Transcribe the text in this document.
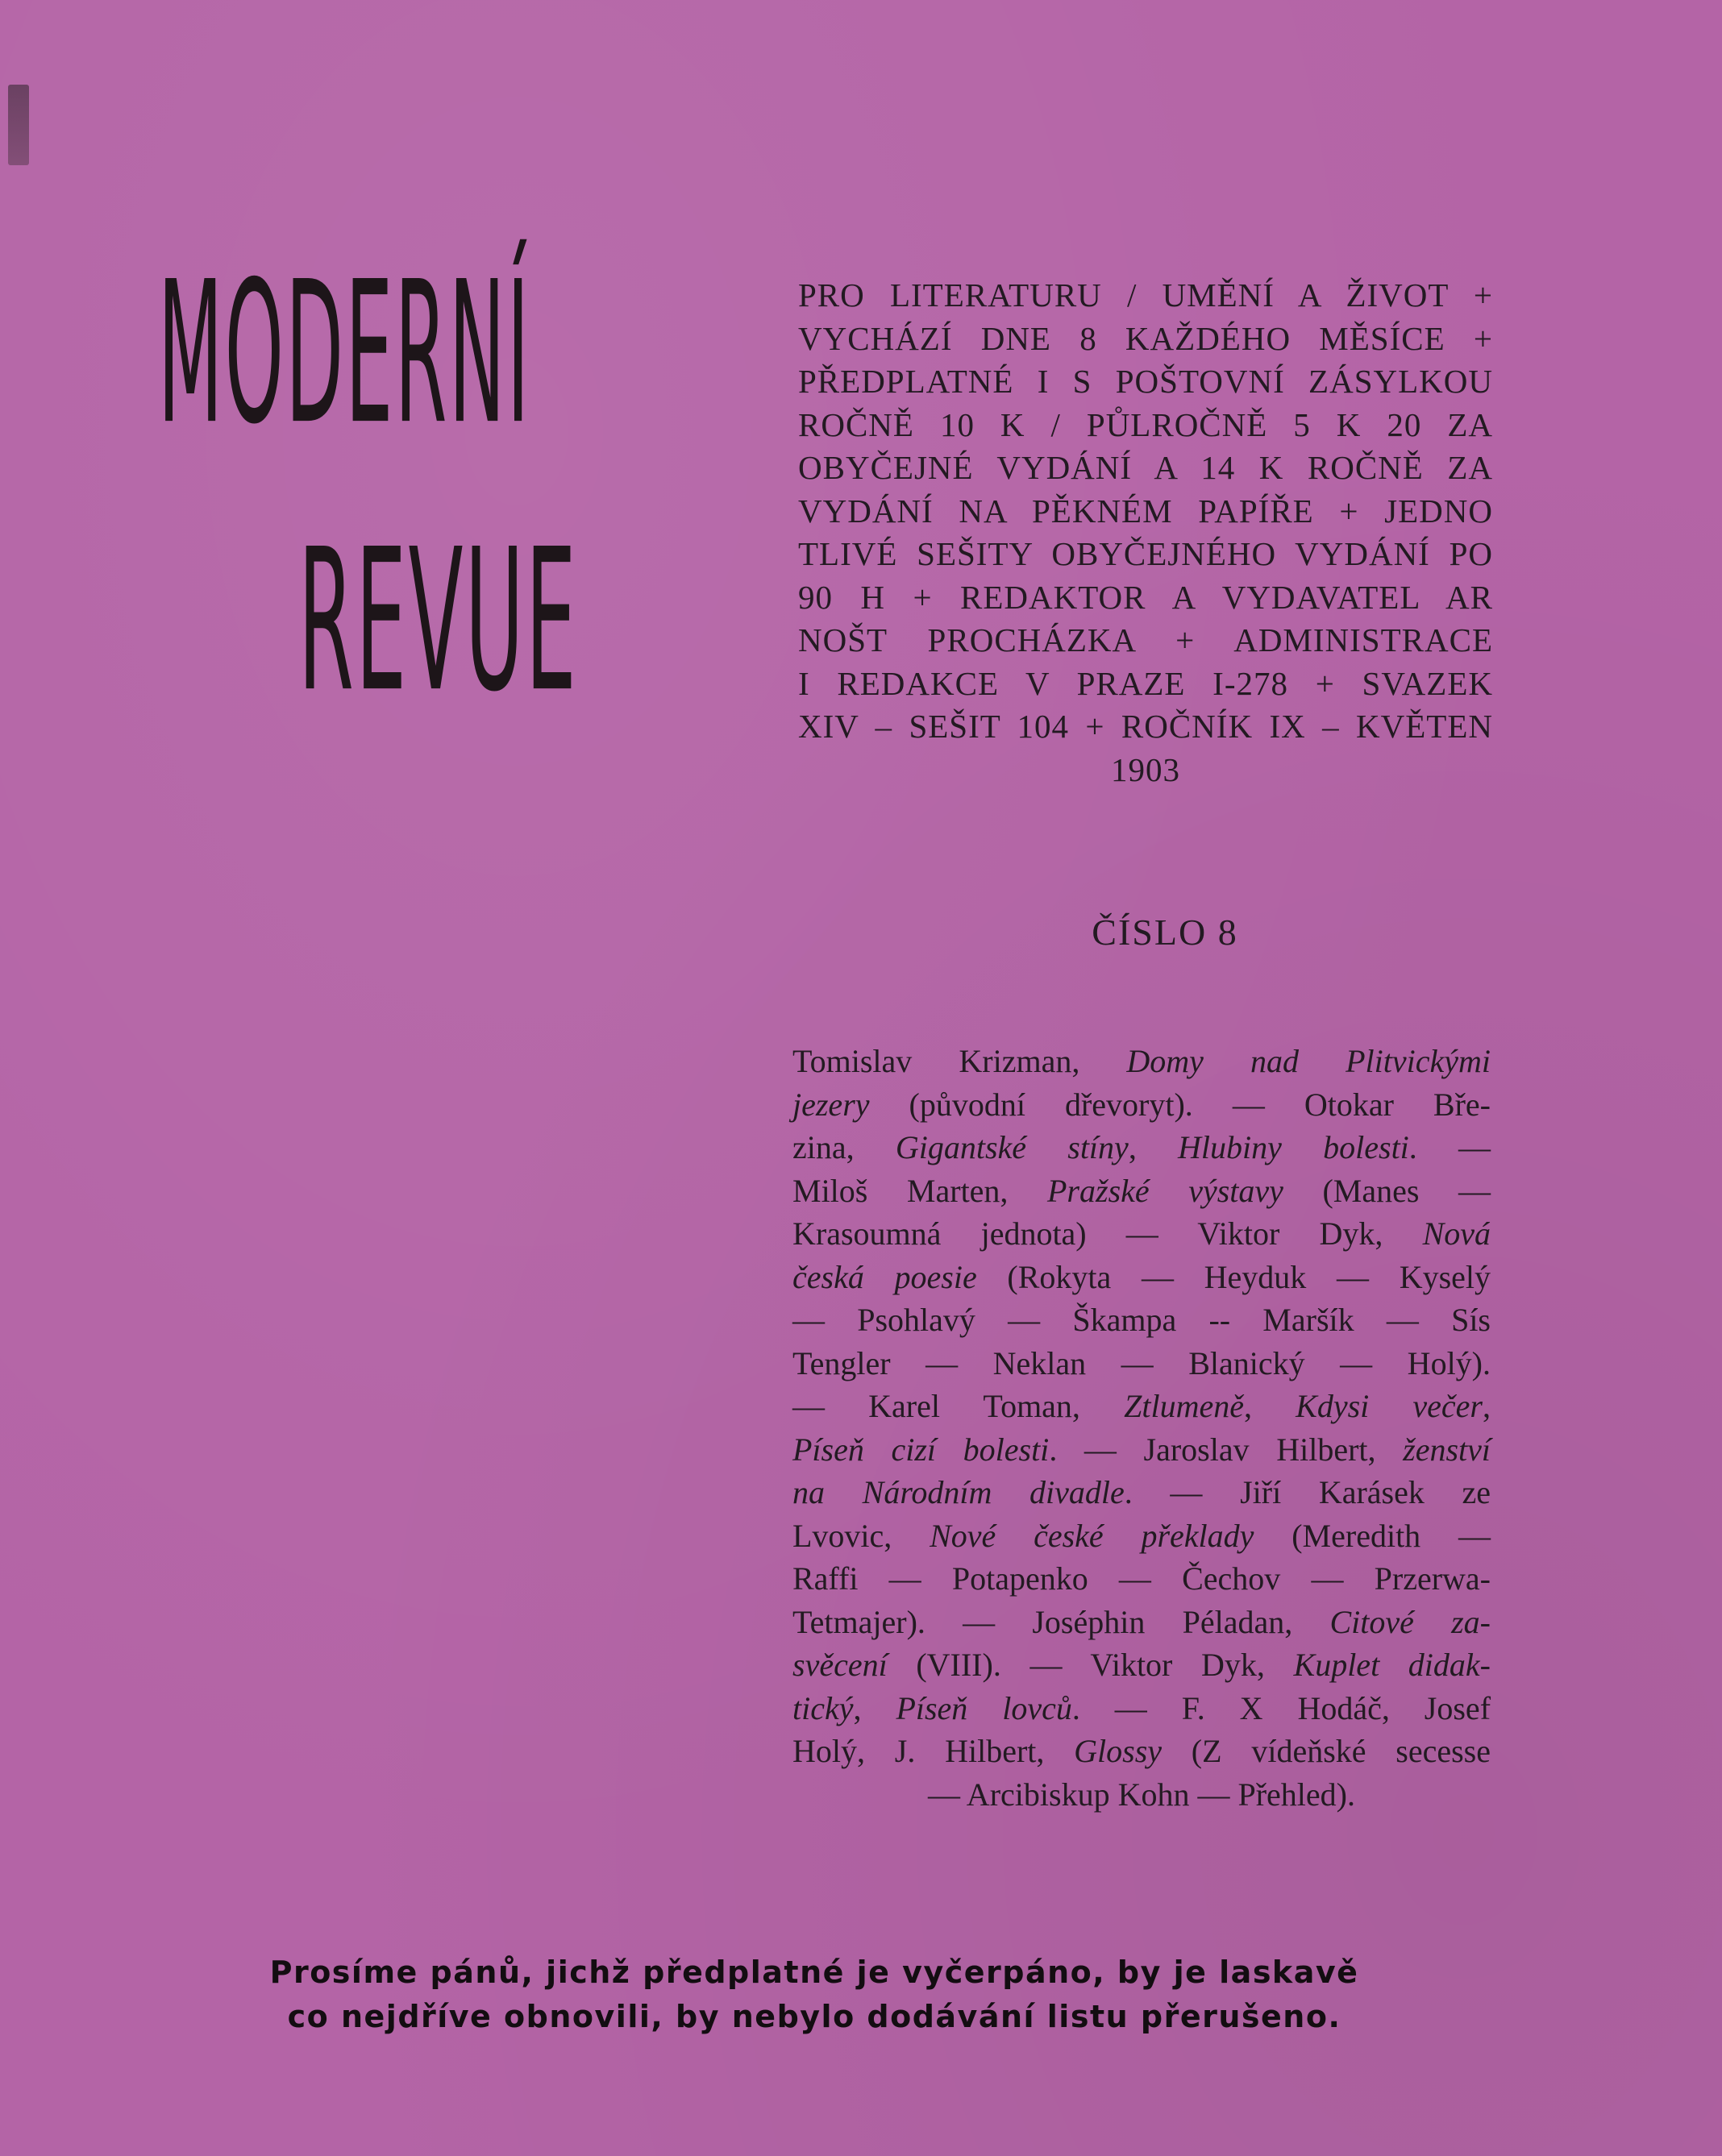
MODERNÍ
REVUE
PRO LITERATURU / UMĚNÍ A ŽIVOT +
VYCHÁZÍ DNE 8 KAŽDÉHO MĚSÍCE +
PŘEDPLATNÉ I S POŠTOVNÍ ZÁSYLKOU
ROČNĚ 10 K / PŮLROČNĚ 5 K 20 ZA
OBYČEJNÉ VYDÁNÍ A 14 K ROČNĚ ZA
VYDÁNÍ NA PĚKNÉM PAPÍŘE + JEDNO
TLIVÉ SEŠITY OBYČEJNÉHO VYDÁNÍ PO
90 H + REDAKTOR A VYDAVATEL AR
NOŠT PROCHÁZKA + ADMINISTRACE
I REDAKCE V PRAZE I-278 + SVAZEK
XIV – SEŠIT 104 + ROČNÍK IX – KVĚTEN
1903
ČÍSLO 8
Tomislav Krizman, Domy nad Plitvickými
jezery (původní dřevoryt). — Otokar Bře-
zina, Gigantské stíny, Hlubiny bolesti. —
Miloš Marten, Pražské výstavy (Manes —
Krasoumná jednota) — Viktor Dyk, Nová
česká poesie (Rokyta — Heyduk — Kyselý
— Psohlavý — Škampa -- Maršík — Sís
Tengler — Neklan — Blanický — Holý).
— Karel Toman, Ztlumeně, Kdysi večer,
Píseň cizí bolesti. — Jaroslav Hilbert, ženství
na Národním divadle. — Jiří Karásek ze
Lvovic, Nové české překlady (Meredith —
Raffi — Potapenko — Čechov — Przerwa-
Tetmajer). — Joséphin Péladan, Citové za-
svěcení (VIII). — Viktor Dyk, Kuplet didak-
tický, Píseň lovců. — F. X Hodáč, Josef
Holý, J. Hilbert, Glossy (Z vídeňské secesse
— Arcibiskup Kohn — Přehled).
Prosíme pánů, jichž předplatné je vyčerpáno, by je laskavě
co nejdříve obnovili, by nebylo dodávání listu přerušeno.
